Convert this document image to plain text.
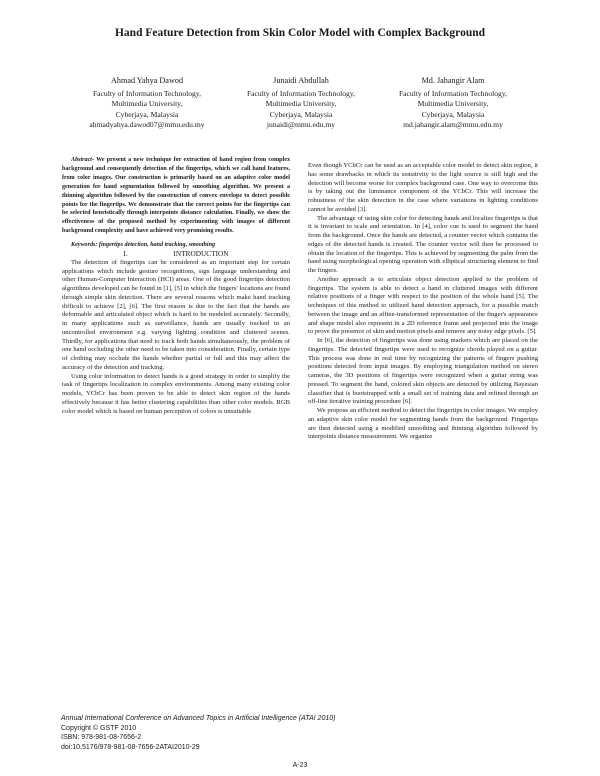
Hand Feature Detection from Skin Color Model with Complex Background
Ahmad Yahya Dawod
Faculty of Information Technology,
Multimedia University,
Cyberjaya, Malaysia
ahmadyahya.dawod07@mmu.edu.my
Junaidi Abdullah
Faculty of Information Technology,
Multimedia University,
Cyberjaya, Malaysia
junaidi@mmu.edu.my
Md. Jahangir Alam
Faculty of Information Technology,
Multimedia University,
Cyberjaya, Malaysia
md.jahangir.alam@mmu.edu.my

Abstract- We present a new technique for extraction of hand region from complex background and consequently detection of the fingertips, which we call hand features, from color images. Our construction is primarily based on an adaptive color model generation for hand segmentation followed by smoothing algorithm. We present a thinning algorithm followed by the construction of convex envelope to detect possible points for the fingertips. We demonstrate that the correct points for the fingertips can be selected heuristically through interpoints distance calculation. Finally, we show the effectiveness of the proposed method by experimenting with images of different background complexity and have achieved very promising results.

Keywords: fingertips detection, hand tracking, smoothing

I.	INTRODUCTION

The detection of fingertips can be considered as an important step for certain applications which include gesture recognitions, sign language understanding and other Human-Computer Interaction (HCI) areas. One of the good fingertips detection algorithms developed can be found in [1], [5] in which the fingers' locations are found through simple skin detection. There are several reasons which make hand tracking difficult to achieve [2], [6]. The first reason is due to the fact that the hands are deformable and articulated object which is hard to be modeled accurately. Secondly, in many applications such as surveillance, hands are usually tracked in an uncontrolled environment e.g. varying lighting condition and cluttered scenes. Thirdly, for applications that need to track both hands simultaneously, the problem of one hand occluding the other need to be taken into consideration. Finally, certain type of clothing may occlude the hands whether partial or full and this may affect the accuracy of the detection and tracking.

Using color information to detect hands is a good strategy in order to simplify the task of fingertips localization in complex environments. Among many existing color models, YCbCr has been proven to be able to detect skin region of the hands effectively because it has better clustering capabilities than other color models. RGB color model which is based on human perception of colors is unsuitable

Even though YCbCr can be used as an acceptable color model to detect skin region, it has some drawbacks in which its sensitivity to the light source is still high and the detection will become worse for complex background case. One way to overcome this is by taking out the luminance component of the YCbCr. This will increase the robustness of the skin detection in the case where variations in lighting conditions cannot be avoided [3].

The advantage of using skin color for detecting hands and localize fingertips is that it is invariant to scale and orientation. In [4], color cue is used to segment the hand from the background. Once the hands are detected, a counter vector which contains the edges of the detected hands is created. The counter vector will then be processed to obtain the location of the fingertips. This is achieved by segmenting the palm from the hand using morphological opening operation with elliptical structuring element to find the fingers.

Another approach is to articulate object detection applied to the problem of fingertips. The system is able to detect a hand in cluttered images with different relative positions of a finger with respect to the position of the whole hand [5]. The techniques of this method to utilized hand detection approach, for a possible match between the image and an affine-transformed representation of the finger's appearance and shape model also represent in a 2D reference frame and projected into the image to prove the presence of skin and motion pixels and remove any noisy edge pixels. [5].

In [6], the detection of fingertips was done using markers which are placed on the fingertips. The detected fingertips were used to recognize chords played on a guitar. This process was done in real time by recognizing the patterns of fingers pushing positions detected from input images. By employing triangulation method on stereo cameras, the 3D positions of fingertips were recognized when a guitar string was pressed. To segment the hand, colored skin objects are detected by utilizing Bayesian classifier that is bootstrapped with a small set of training data and refined through an off-line iterative training procedure [6].

We propose an efficient method to detect the fingertips in color images. We employ an adaptive skin color model for segmenting hands from the background. Fingertips are then detected using a modified smoothing and thinning algorithm followed by interpoints distance measurement. We organize

Annual International Conference on Advanced Topics in Artificial Intelligence (ATAI 2010)
Copyright © GSTF 2010
ISBN: 978-981-08-7656-2
doi:10.5176/978-981-08-7656-2ATAI2010-29
A-23
